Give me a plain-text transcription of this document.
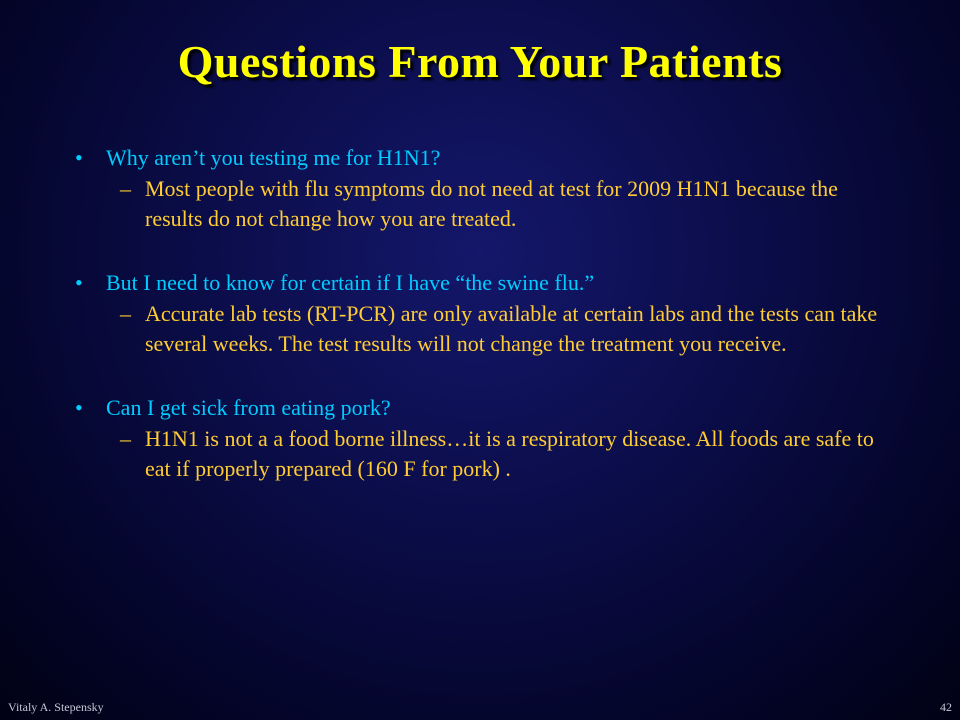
Questions From Your Patients
• Why aren’t you testing me for H1N1?
– Most people with flu symptoms do not need at test for 2009 H1N1 because the results do not change how you are treated.
• But I need to know for certain if I have “the swine flu.”
– Accurate lab tests (RT-PCR) are only available at certain labs and the tests can take several weeks. The test results will not change the treatment you receive.
• Can I get sick from eating pork?
– H1N1 is not a a food borne illness…it is a respiratory disease. All foods are safe to eat if properly prepared (160 F for pork) .
Vitaly A. Stepensky	42
